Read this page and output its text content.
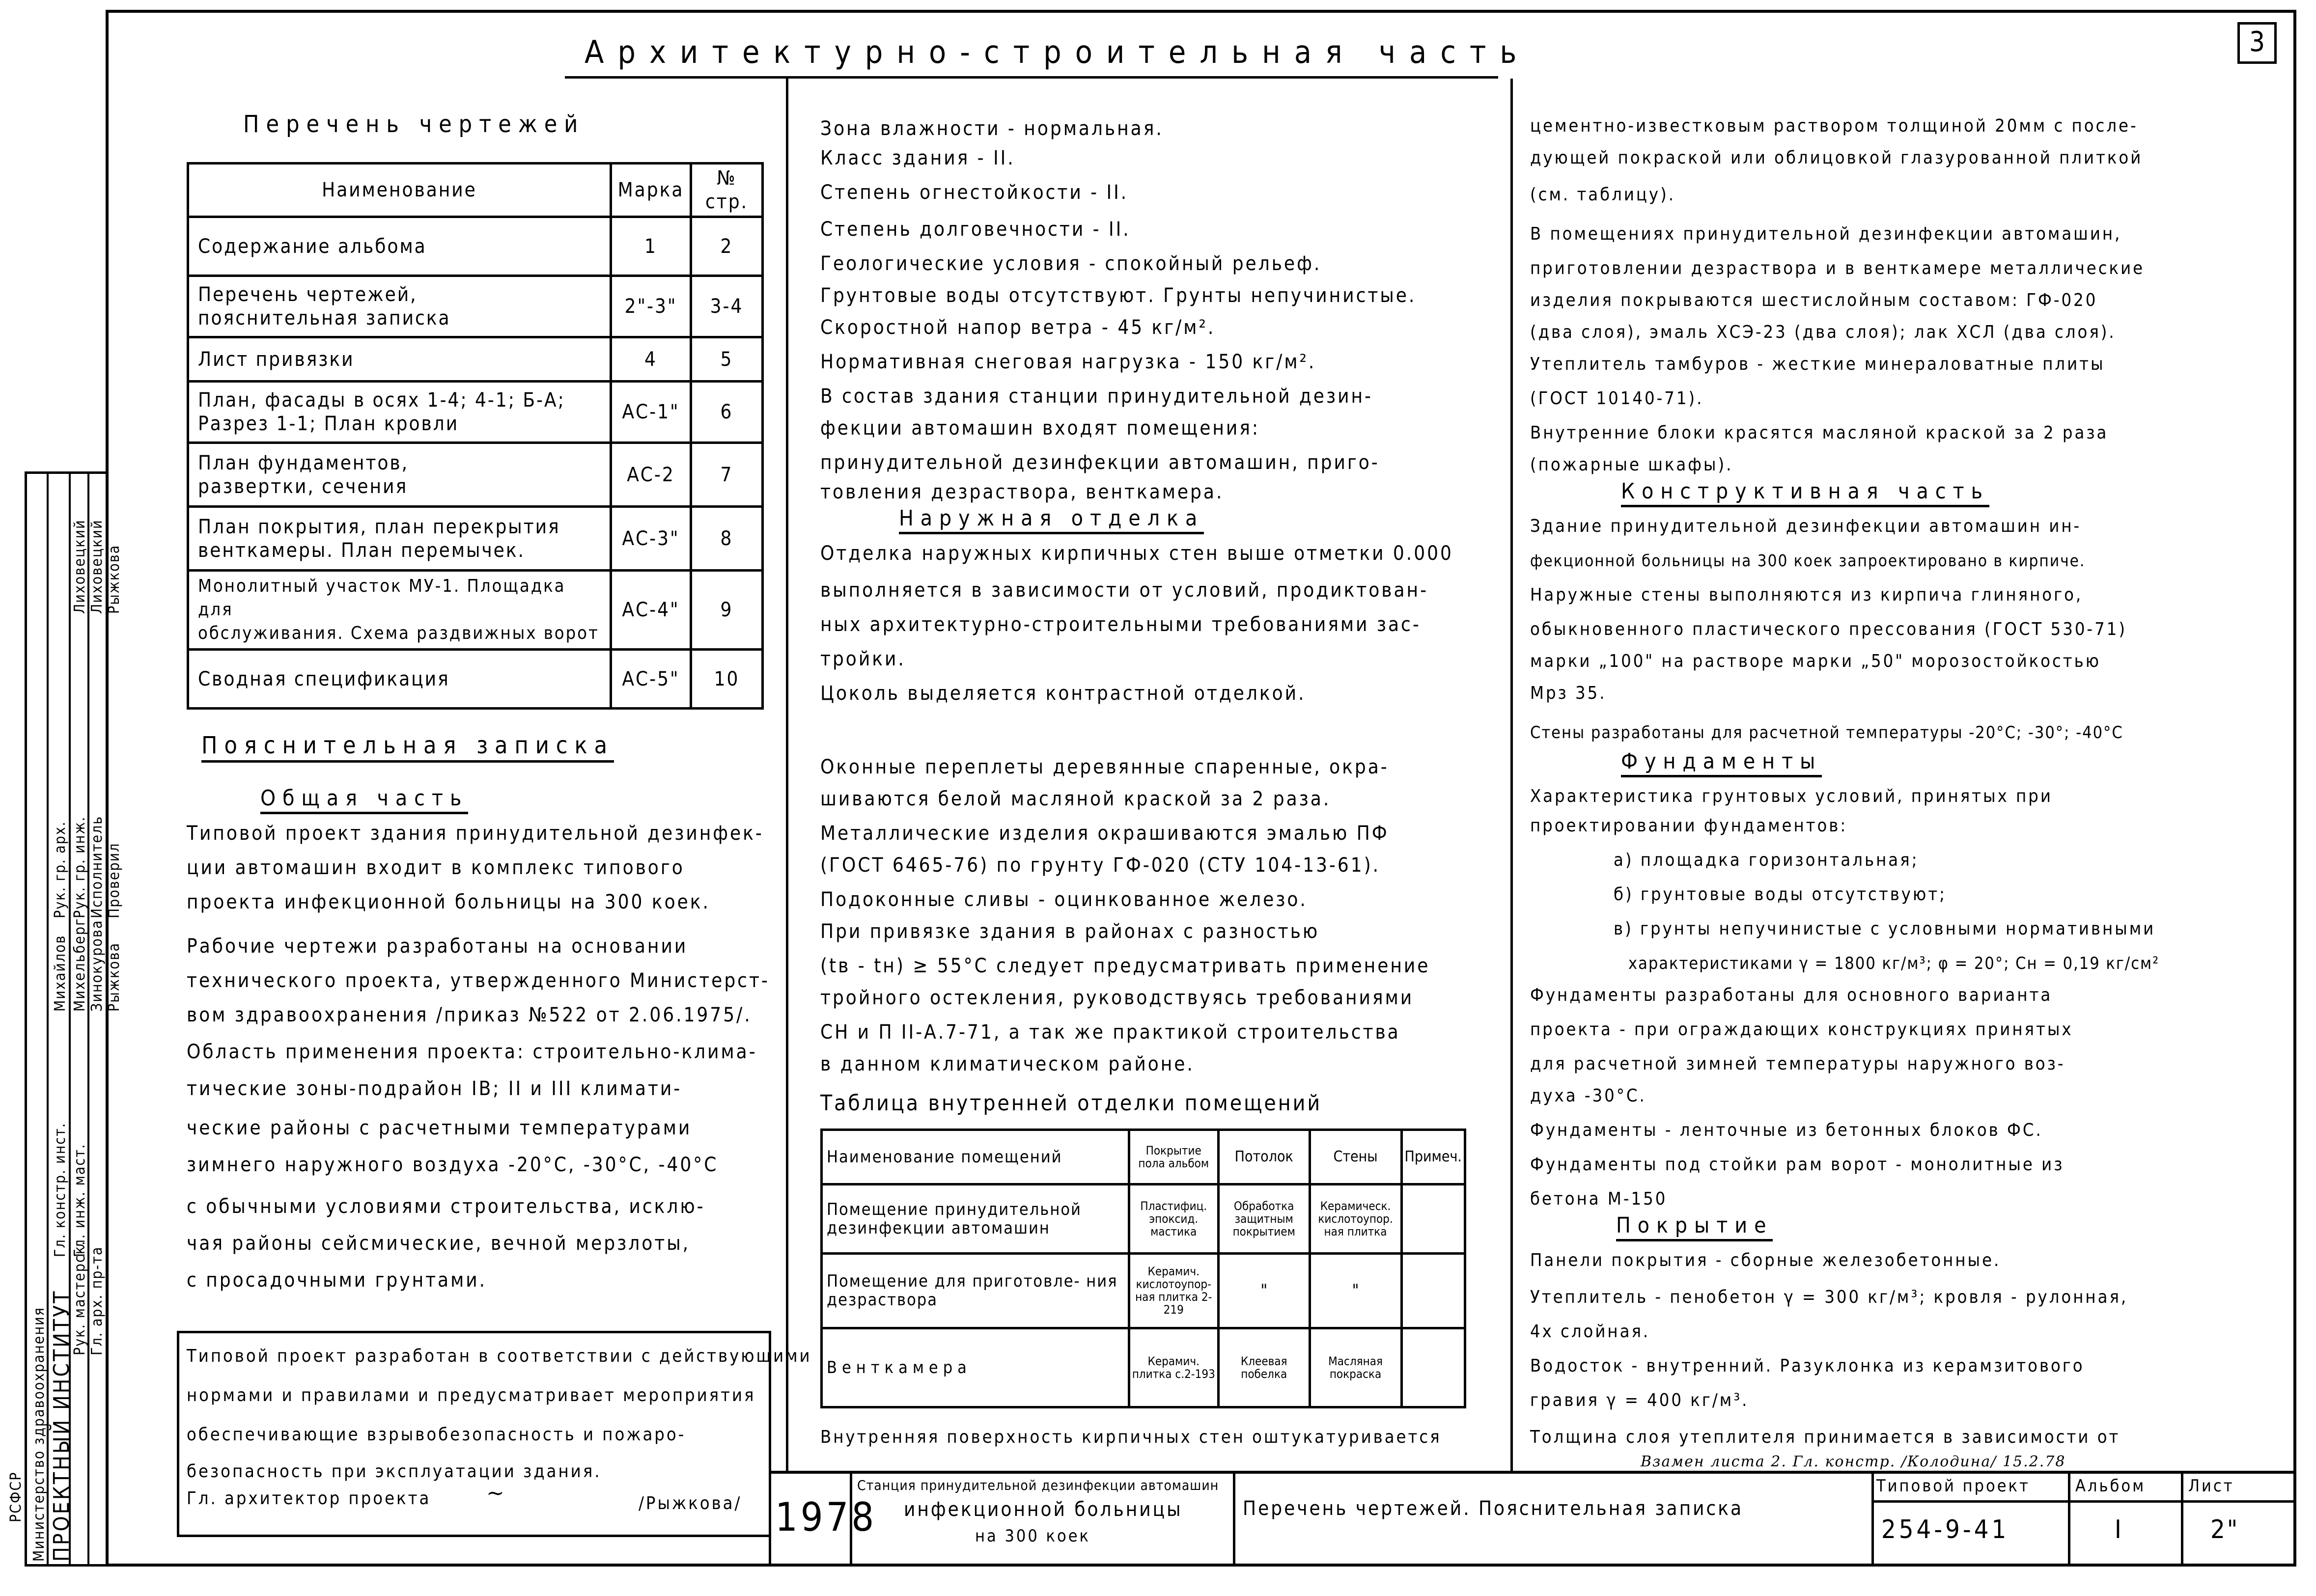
3
Архитектурно-строительная часть
ПРОЕКТНЫЙ ИНСТИТУТ
Министерство здравоохранения
РСФСР
Гл. инж. маст.
Рук. мастерск.
Гл. констр. инст.
Гл. арх. пр-та
Рук. гр. арх. Рук. гр. инж. Исполнитель Проверил
Михайлов Михельберг Зинокурова Рыжкова
Лиховецкий Лиховецкий Рыжкова
Перечень чертежей
Наименование	Марка	№ стр.
Содержание альбома	1	2
Перечень чертежей,
пояснительная записка	2"-3"	3-4
Лист привязки	4	5
План, фасады в осях 1-4; 4-1; Б-А;
Разрез 1-1; План кровли	АС-1"	6
План фундаментов,
развертки, сечения	АС-2	7
План покрытия, план перекрытия
венткамеры. План перемычек.	АС-3"	8
Монолитный участок МУ-1. Площадка для
обслуживания. Схема раздвижных ворот	АС-4"	9
Сводная спецификация	АС-5"	10
Пояснительная записка
Общая часть
Типовой проект здания принудительной дезинфек-
ции автомашин входит в комплекс типового
проекта инфекционной больницы на 300 коек.
Рабочие чертежи разработаны на основании
технического проекта, утвержденного Министерст-
вом здравоохранения /приказ №522 от 2.06.1975/.
Область применения проекта: строительно-клима-
тические зоны-подрайон IВ; II и III климати-
ческие районы с расчетными температурами
зимнего наружного воздуха -20°С, -30°С, -40°С
с обычными условиями строительства, исклю-
чая районы сейсмические, вечной мерзлоты,
с просадочными грунтами.
Типовой проект разработан в соответствии с действующими
нормами и правилами и предусматривает мероприятия
обеспечивающие взрывобезопасность и пожаро-
безопасность при эксплуатации здания.
Гл. архитектор проекта	~	/Рыжкова/
Зона влажности - нормальная.
Класс здания - II.
Степень огнестойкости - II.
Степень долговечности - II.
Геологические условия - спокойный рельеф.
Грунтовые воды отсутствуют. Грунты непучинистые.
Скоростной напор ветра - 45 кг/м².
Нормативная снеговая нагрузка - 150 кг/м².
В состав здания станции принудительной дезин-
фекции автомашин входят помещения:
принудительной дезинфекции автомашин, приго-
товления дезраствора, венткамера.
Наружная отделка
Отделка наружных кирпичных стен выше отметки 0.000
выполняется в зависимости от условий, продиктован-
ных архитектурно-строительными требованиями зас-
тройки.
Цоколь выделяется контрастной отделкой.
Оконные переплеты деревянные спаренные, окра-
шиваются белой масляной краской за 2 раза.
Металлические изделия окрашиваются эмалью ПФ
(ГОСТ 6465-76) по грунту ГФ-020 (СТУ 104-13-61).
Подоконные сливы - оцинкованное железо.
При привязке здания в районах с разностью
(tв - tн) ≥ 55°С следует предусматривать применение
тройного остекления, руководствуясь требованиями
СН и П II-А.7-71, а так же практикой строительства
в данном климатическом районе.
Таблица внутренней отделки помещений
Наименование помещений	Покрытие пола альбом	Потолок	Стены	Примеч.
Помещение принудительной дезинфекции автомашин	Пластифиц. эпоксид. мастика	Обработка защитным покрытием	Керамическ. кислотоупор. ная плитка	
Помещение для приготовле- ния дезраствора	Керамич. кислотоупор- ная плитка 2-219	"	"	
Венткамера	Керамич. плитка с.2-193	Клеевая побелка	Масляная покраска	
Внутренняя поверхность кирпичных стен оштукатуривается
цементно-известковым раствором толщиной 20мм с после-
дующей покраской или облицовкой глазурованной плиткой
(см. таблицу).
В помещениях принудительной дезинфекции автомашин,
приготовлении дезраствора и в венткамере металлические
изделия покрываются шестислойным составом: ГФ-020
(два слоя), эмаль ХСЭ-23 (два слоя); лак ХСЛ (два слоя).
Утеплитель тамбуров - жесткие минераловатные плиты
(ГОСТ 10140-71).
Внутренние блоки красятся масляной краской за 2 раза
(пожарные шкафы).
Конструктивная часть
Здание принудительной дезинфекции автомашин ин-
фекционной больницы на 300 коек запроектировано в кирпиче.
Наружные стены выполняются из кирпича глиняного,
обыкновенного пластического прессования (ГОСТ 530-71)
марки „100" на растворе марки „50" морозостойкостью
Мрз 35.
Стены разработаны для расчетной температуры -20°С; -30°; -40°С
Фундаменты
Характеристика грунтовых условий, принятых при
проектировании фундаментов:
а) площадка горизонтальная;
б) грунтовые воды отсутствуют;
в) грунты непучинистые с условными нормативными
характеристиками γ = 1800 кг/м³; φ = 20°; Сн = 0,19 кг/см²
Фундаменты разработаны для основного варианта
проекта - при ограждающих конструкциях принятых
для расчетной зимней температуры наружного воз-
духа -30°С.
Фундаменты - ленточные из бетонных блоков ФС.
Фундаменты под стойки рам ворот - монолитные из
бетона М-150
Покрытие
Панели покрытия - сборные железобетонные.
Утеплитель - пенобетон γ = 300 кг/м³; кровля - рулонная,
4х слойная.
Водосток - внутренний. Разуклонка из керамзитового
гравия γ = 400 кг/м³.
Толщина слоя утеплителя принимается в зависимости от
Взамен листа 2. Гл. констр. /Колодина/ 15.2.78
1978
Станция принудительной дезинфекции автомашин
инфекционной больницы
на 300 коек
Перечень чертежей. Пояснительная записка
Типовой проект
254-9-41
Альбом
I
Лист
2"
